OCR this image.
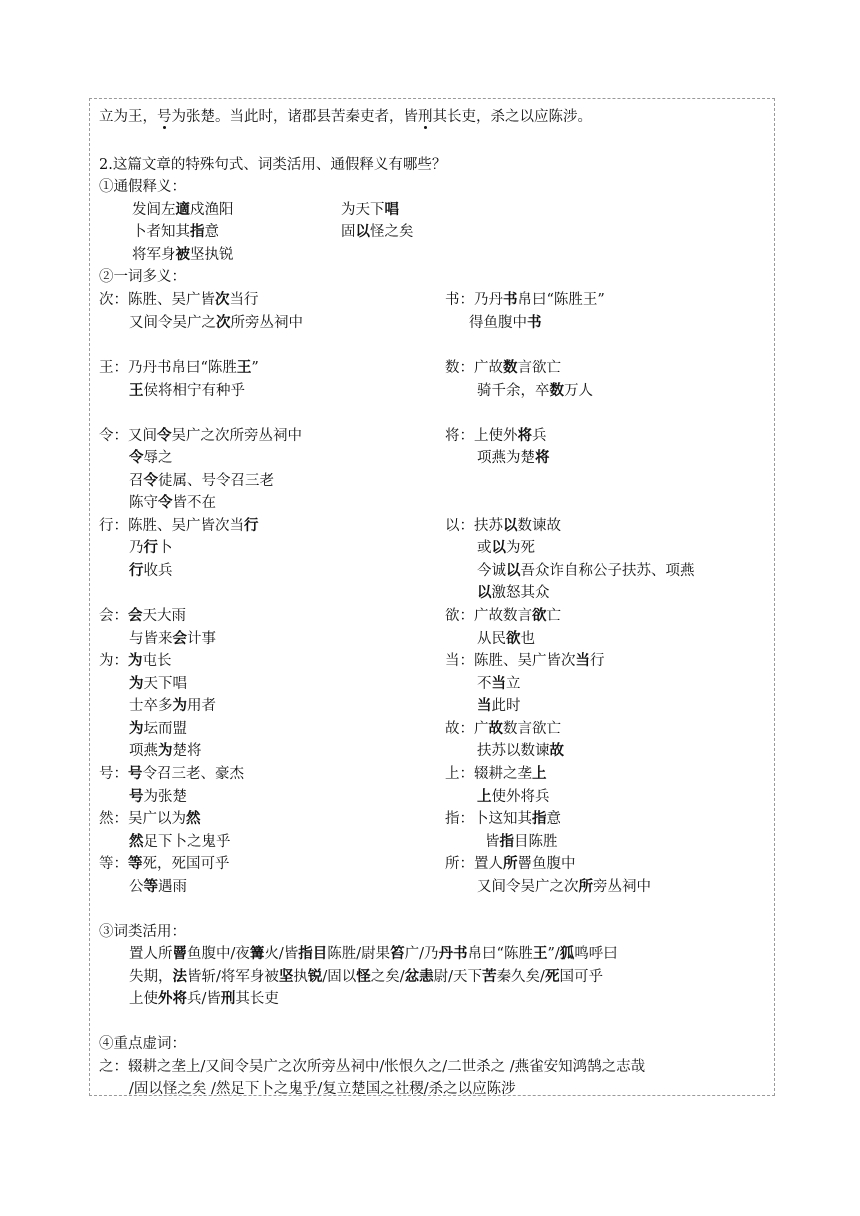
立为王，号为张楚。当此时，诸郡县苦秦吏者，皆刑其长吏，杀之以应陈涉。
2.这篇文章的特殊句式、词类活用、通假释义有哪些？
①通假释义：
发闾左適戍渔阳	为天下唱
卜者知其指意	固以怪之矣
将军身被坚执锐
②一词多义：
次：陈胜、吴广皆次当行	书：乃丹书帛曰“陈胜王”
又间令吴广之次所旁丛祠中	得鱼腹中书
王：乃丹书帛曰“陈胜王”	数：广故数言欲亡
王侯将相宁有种乎	骑千余，卒数万人
令：又间令吴广之次所旁丛祠中	将：上使外将兵
令辱之	项燕为楚将
召令徒属、号令召三老
陈守令皆不在
行：陈胜、吴广皆次当行	以：扶苏以数谏故
乃行卜	或以为死
行收兵	今诚以吾众诈自称公子扶苏、项燕
以激怒其众
会：会天大雨	欲：广故数言欲亡
与皆来会计事	从民欲也
为：为屯长	当：陈胜、吴广皆次当行
为天下唱	不当立
士卒多为用者	当此时
为坛而盟	故：广故数言欲亡
项燕为楚将	扶苏以数谏故
号：号令召三老、豪杰	上：辍耕之垄上
号为张楚	上使外将兵
然：吴广以为然	指：卜这知其指意
然足下卜之鬼乎	皆指目陈胜
等：等死，死国可乎	所：置人所罾鱼腹中
公等遇雨	又间令吴广之次所旁丛祠中
③词类活用：
置人所罾鱼腹中/夜篝火/皆指目陈胜/尉果笞广/乃丹书帛曰“陈胜王”/狐鸣呼曰
失期，法皆斩/将军身被坚执锐/固以怪之矣/忿恚尉/天下苦秦久矣/死国可乎
上使外将兵/皆刑其长吏
④重点虚词：
之：辍耕之垄上/又间令吴广之次所旁丛祠中/怅恨久之/二世杀之 /燕雀安知鸿鹄之志哉
/固以怪之矣 /然足下卜之鬼乎/复立楚国之社稷/杀之以应陈涉
